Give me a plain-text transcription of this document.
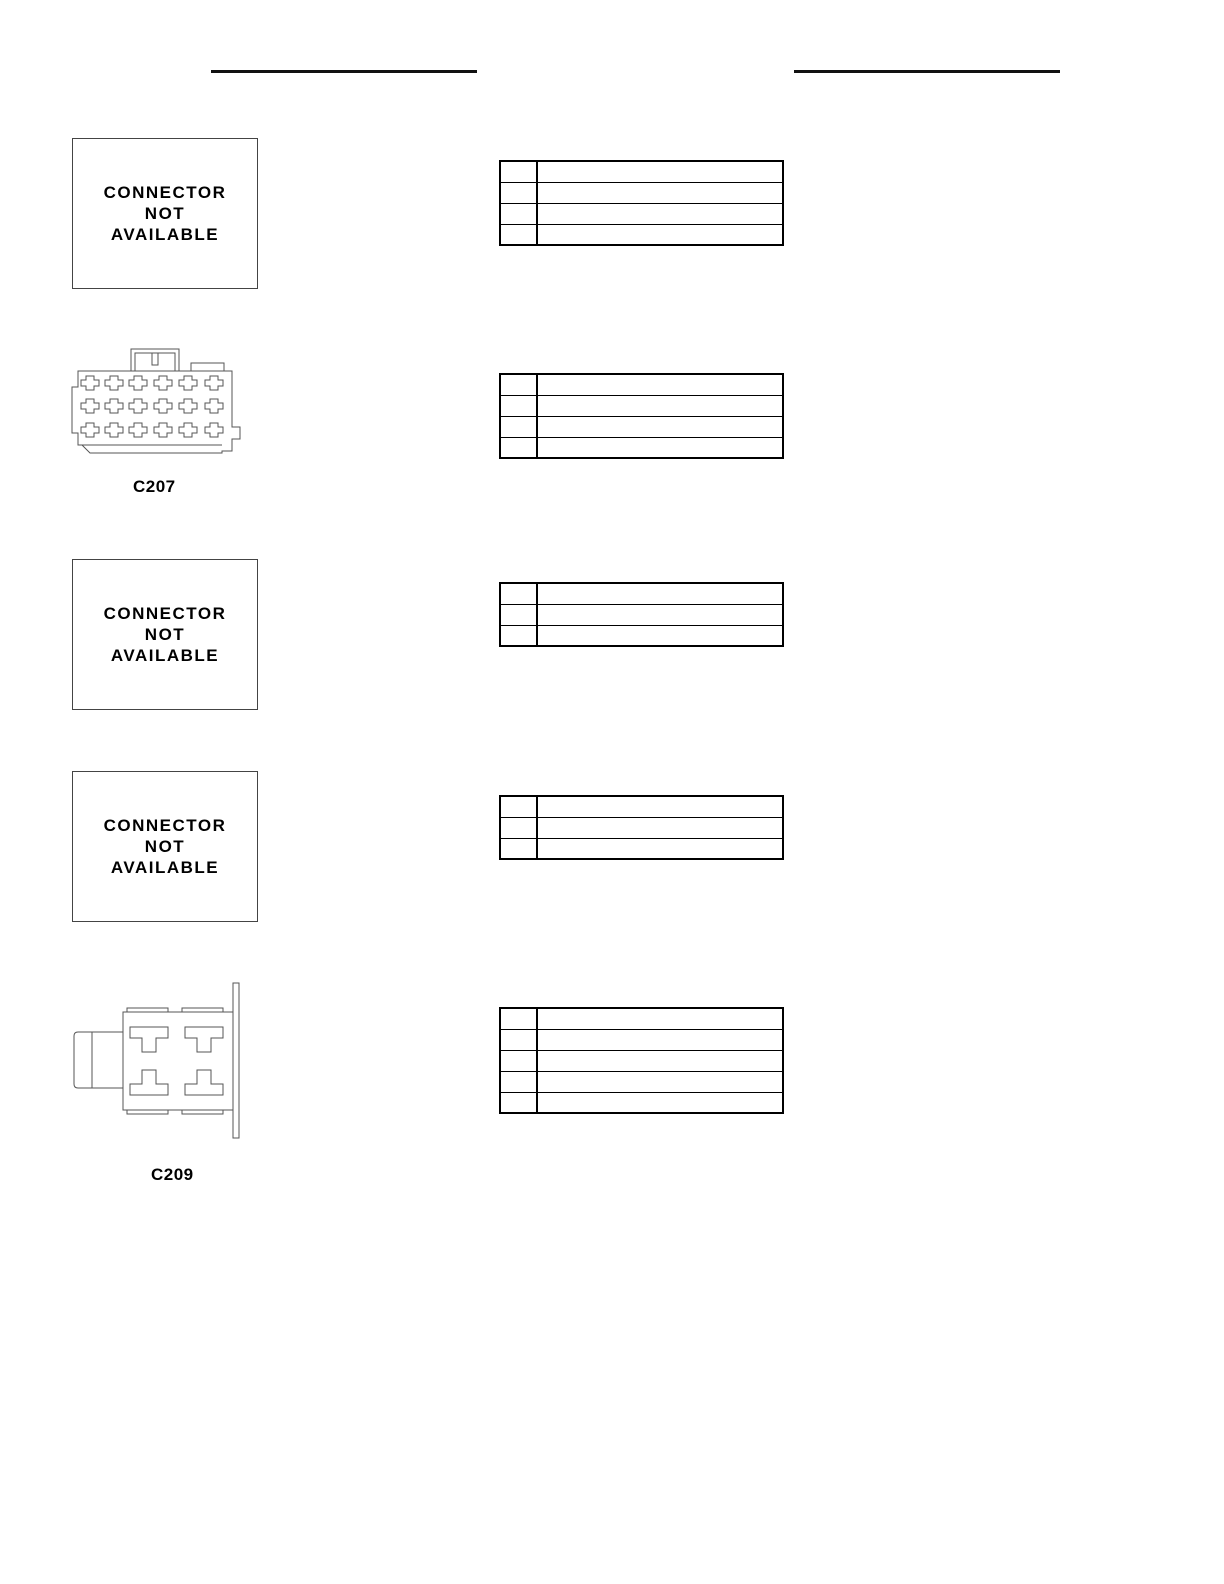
CONNECTOR
NOT
AVAILABLE

C207

CONNECTOR
NOT
AVAILABLE

CONNECTOR
NOT
AVAILABLE

C209
